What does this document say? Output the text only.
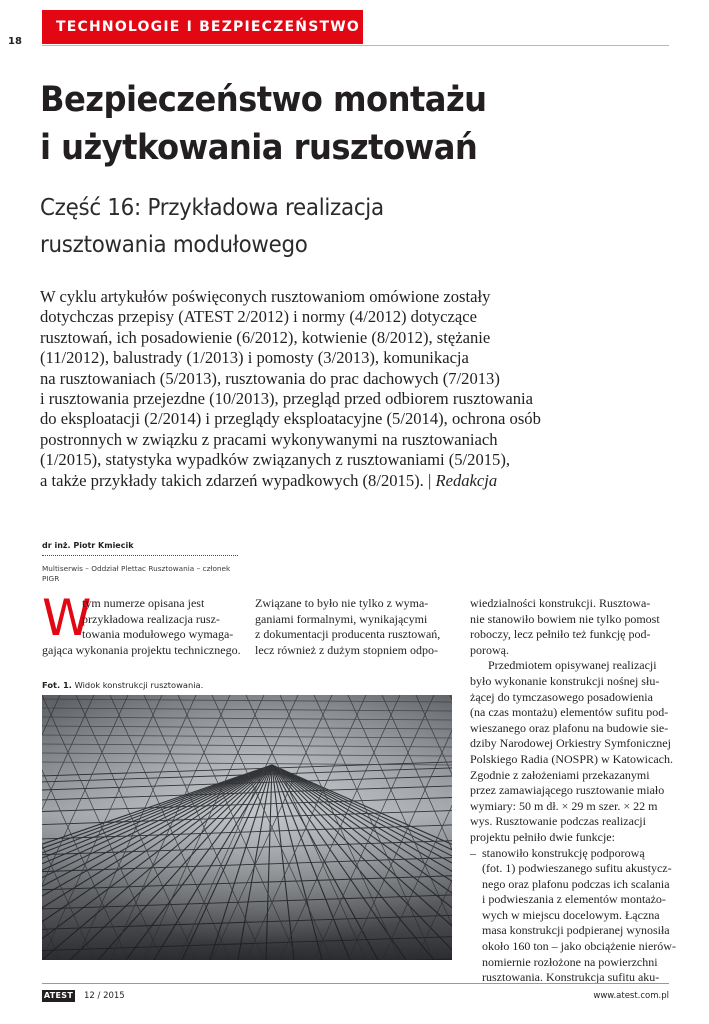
TECHNOLOGIE I BEZPIECZEŃSTWO
18
Bezpieczeństwo montażu
i użytkowania rusztowań
Część 16: Przykładowa realizacja
rusztowania modułowego

W cyklu artykułów poświęconych rusztowaniom omówione zostały

dotychczas przepisy (ATEST 2/2012) i normy (4/2012) dotyczące

rusztowań, ich posadowienie (6/2012), kotwienie (8/2012), stężanie

(11/2012), balustrady (1/2013) i pomosty (3/2013), komunikacja

na rusztowaniach (5/2013), rusztowania do prac dachowych (7/2013)

i rusztowania przejezdne (10/2013), przegląd przed odbiorem rusztowania

do eksploatacji (2/2014) i przeglądy eksploatacyjne (5/2014), ochrona osób

postronnych w związku z pracami wykonywanymi na rusztowaniach

(1/2015), statystyka wypadków związanych z rusztowaniami (5/2015),

a także przykłady takich zdarzeń wypadkowych (8/2015). | Redakcja

dr inż. Piotr Kmiecik
Multiserwis – Oddział Plettac Rusztowania – członek
PIGR
W

tym numerze opisana jest

przykładowa realizacja rusz-

towania modułowego wymaga-

gająca wykonania projektu technicznego.

Związane to było nie tylko z wyma-

ganiami formalnymi, wynikającymi

z dokumentacji producenta rusztowań,

lecz również z dużym stopniem odpo-

wiedzialności konstrukcji. Rusztowa-

nie stanowiło bowiem nie tylko pomost

roboczy, lecz pełniło też funkcję pod-

porową.

Przedmiotem opisywanej realizacji

było wykonanie konstrukcji nośnej słu-

żącej do tymczasowego posadowienia

(na czas montażu) elementów sufitu pod-

wieszanego oraz plafonu na budowie sie-

dziby Narodowej Orkiestry Symfonicznej

Polskiego Radia (NOSPR) w Katowicach.

Zgodnie z założeniami przekazanymi

przez zamawiającego rusztowanie miało

wymiary: 50 m dł. × 29 m szer. × 22 m

wys. Rusztowanie podczas realizacji

projektu pełniło dwie funkcje:

–  stanowiło konstrukcję podporową

(fot. 1) podwieszanego sufitu akustycz-

nego oraz plafonu podczas ich scalania

i podwieszania z elementów montażo-

wych w miejscu docelowym. Łączna

masa konstrukcji podpieranej wynosiła

około 160 ton – jako obciążenie nierów-

nomiernie rozłożone na powierzchni

rusztowania. Konstrukcja sufitu aku-

Fot. 1. Widok konstrukcji rusztowania.
ATEST 12 / 2015	www.atest.com.pl
